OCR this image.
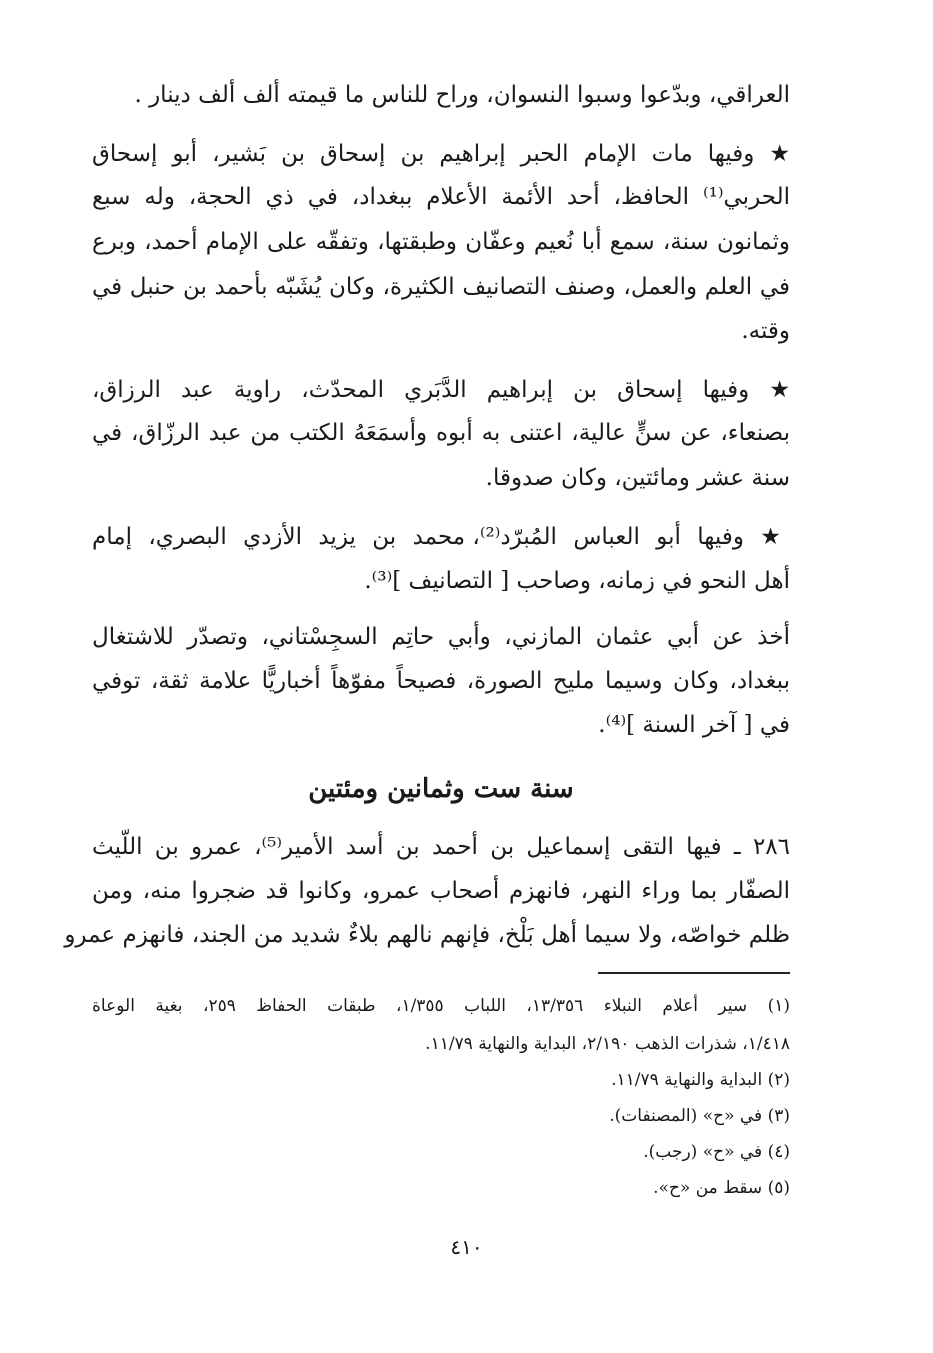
العراقي، وبدّعوا وسبوا النسوان، وراح للناس ما قيمته ألف ألف دينار .
★ وفيها مات الإمام الحبر إبراهيم بن إسحاق بن بَشير، أبو إسحاق
الحربي⁽¹⁾ الحافظ، أحد الأئمة الأعلام ببغداد، في ذي الحجة، وله سبع
وثمانون سنة، سمع أبا نُعيم وعفّان وطبقتها، وتفقّه على الإمام أحمد، وبرع
في العلم والعمل، وصنف التصانيف الكثيرة، وكان يُشَبّه بأحمد بن حنبل في
وقته.
★ وفيها إسحاق بن إبراهيم الدَّبَري المحدّث، راوية عبد الرزاق،
بصنعاء، عن سنٍّ عالية، اعتنى به أبوه وأسمَعَهُ الكتب من عبد الرزّاق، في
سنة عشر ومائتين، وكان صدوقا.
★ وفيها أبو العباس المُبرّد⁽²⁾، محمد بن يزيد الأزدي البصري، إمام
أهل النحو في زمانه، وصاحب [ التصانيف ]⁽³⁾.
أخذ عن أبي عثمان المازني، وأبي حاتِم السجِسْتاني، وتصدّر للاشتغال
ببغداد، وكان وسيما مليح الصورة، فصيحاً مفوّهاً أخباريًّا علامة ثقة، توفي
في [ آخر السنة ]⁽⁴⁾.
سنة ست وثمانين ومئتين
٢٨٦ ـ فيها التقى إسماعيل بن أحمد بن أسد الأمير⁽⁵⁾، عمرو بن اللّيث
الصفّار بما وراء النهر، فانهزم أصحاب عمرو، وكانوا قد ضجروا منه، ومن
ظلم خواصّه، ولا سيما أهل بَلْخ، فإنهم نالهم بلاءٌ شديد من الجند، فانهزم عمرو
(١) سير أعلام النبلاء ١٣/٣٥٦، اللباب ١/٣٥٥، طبقات الحفاظ ٢٥٩، بغية الوعاة
١/٤١٨، شذرات الذهب ٢/١٩٠، البداية والنهاية ١١/٧٩.
(٢) البداية والنهاية ١١/٧٩.
(٣) في «ح» (المصنفات).
(٤) في «ح» (رجب).
(٥) سقط من «ح».
٤١٠
